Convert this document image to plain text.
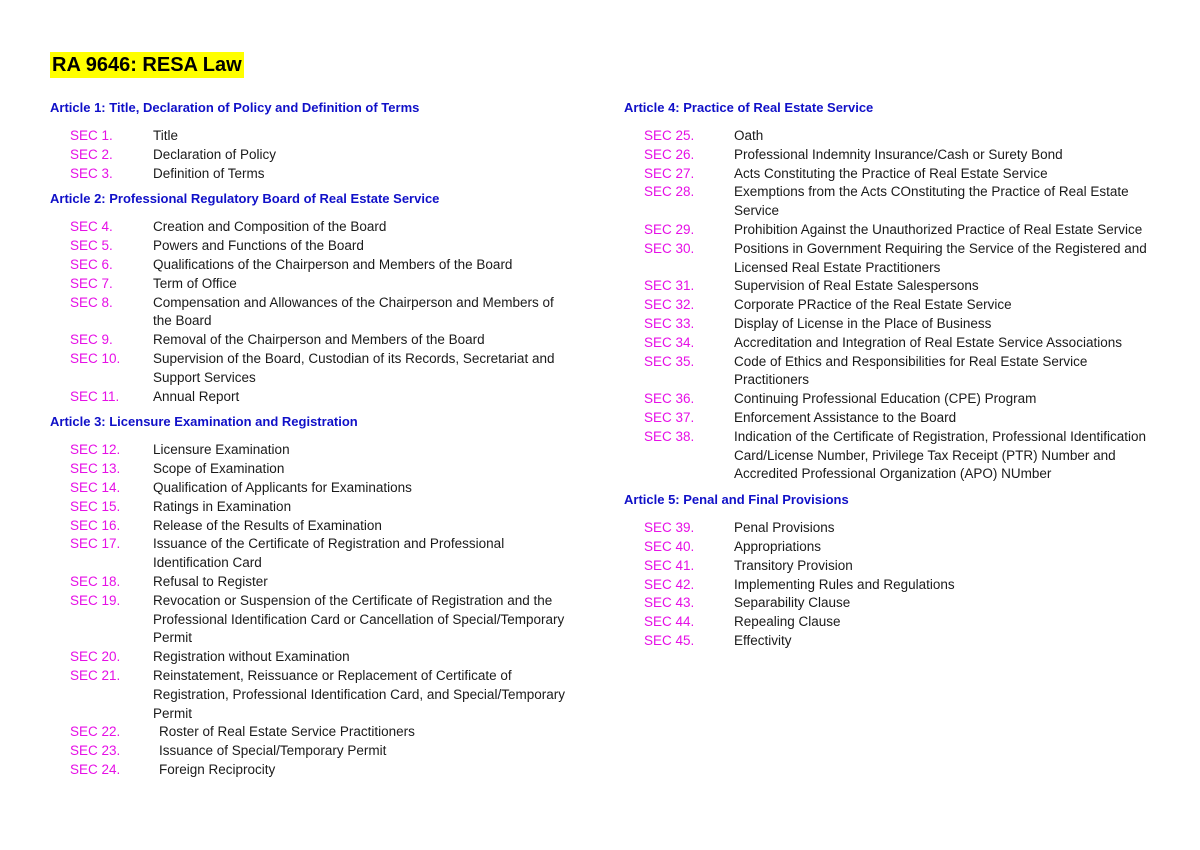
RA 9646: RESA Law
Article 1: Title, Declaration of Policy and Definition of Terms
SEC 1.	Title
SEC 2.	Declaration of Policy
SEC 3.	Definition of Terms
Article 2: Professional Regulatory Board of Real Estate Service
SEC 4.	Creation and Composition of the Board
SEC 5.	Powers and Functions of the Board
SEC 6.	Qualifications of the Chairperson and Members of the Board
SEC 7.	Term of Office
SEC 8.	Compensation and Allowances of the Chairperson and Members of the Board
SEC 9.	Removal of the Chairperson and Members of the Board
SEC 10.	Supervision of the Board, Custodian of its Records, Secretariat and Support Services
SEC 11.	Annual Report
Article 3: Licensure Examination and Registration
SEC 12.	Licensure Examination
SEC 13.	Scope of Examination
SEC 14.	Qualification of Applicants for Examinations
SEC 15.	Ratings in Examination
SEC 16.	Release of the Results of Examination
SEC 17.	Issuance of the Certificate of Registration and Professional Identification Card
SEC 18.	Refusal to Register
SEC 19.	Revocation or Suspension of the Certificate of Registration and the Professional Identification Card or Cancellation of Special/Temporary Permit
SEC 20.	Registration without Examination
SEC 21.	Reinstatement, Reissuance or Replacement of Certificate of Registration, Professional Identification Card, and Special/Temporary Permit
SEC 22.	Roster of Real Estate Service Practitioners
SEC 23.	Issuance of Special/Temporary Permit
SEC 24.	Foreign Reciprocity
Article 4: Practice of Real Estate Service
SEC 25.	Oath
SEC 26.	Professional Indemnity Insurance/Cash or Surety Bond
SEC 27.	Acts Constituting the Practice of Real Estate Service
SEC 28.	Exemptions from the Acts COnstituting the Practice of Real Estate Service
SEC 29.	Prohibition Against the Unauthorized Practice of Real Estate Service
SEC 30.	Positions in Government Requiring the Service of the Registered and Licensed Real Estate Practitioners
SEC 31.	Supervision of Real Estate Salespersons
SEC 32.	Corporate PRactice of the Real Estate Service
SEC 33.	Display of License in the Place of Business
SEC 34.	Accreditation and Integration of Real Estate Service Associations
SEC 35.	Code of Ethics and Responsibilities for Real Estate Service Practitioners
SEC 36.	Continuing Professional Education (CPE) Program
SEC 37.	Enforcement Assistance to the Board
SEC 38.	Indication of the Certificate of Registration, Professional Identification Card/License Number, Privilege Tax Receipt (PTR) Number and Accredited Professional Organization (APO) NUmber
Article 5: Penal and Final Provisions
SEC 39.	Penal Provisions
SEC 40.	Appropriations
SEC 41.	Transitory Provision
SEC 42.	Implementing Rules and Regulations
SEC 43.	Separability Clause
SEC 44.	Repealing Clause
SEC 45.	Effectivity
